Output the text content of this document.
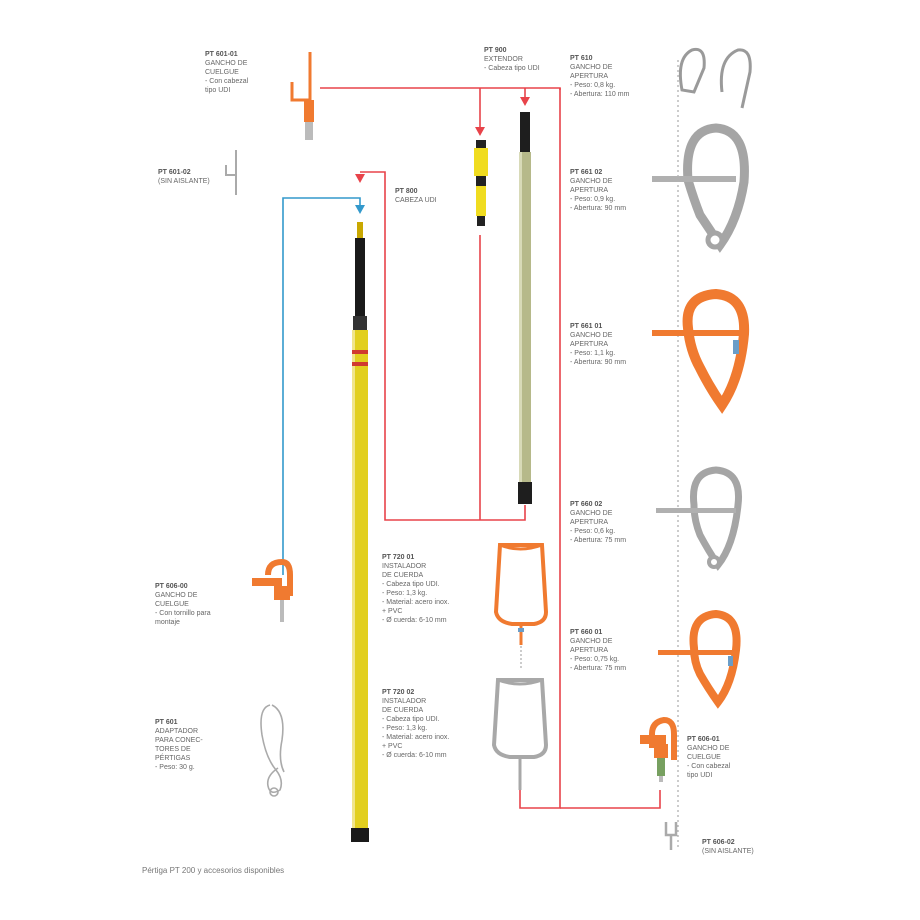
PT 601-01
GANCHO DE
CUELGUE
- Con cabezal
tipo UDI
PT 601-02
(SIN AISLANTE)
PT 900
EXTENDOR
- Cabeza tipo UDI
PT 610
GANCHO DE
APERTURA
- Peso: 0,8 kg.
- Abertura: 110 mm
PT 661 02
GANCHO DE
APERTURA
- Peso: 0,9 kg.
- Abertura: 90 mm
PT 800
CABEZA UDI
PT 661 01
GANCHO DE
APERTURA
- Peso: 1,1 kg.
- Abertura: 90 mm
PT 660 02
GANCHO DE
APERTURA
- Peso: 0,6 kg.
- Abertura: 75 mm
PT 720 01
INSTALADOR
DE CUERDA
- Cabeza tipo UDI.
- Peso: 1,3 kg.
- Material: acero inox.
+ PVC
- Ø cuerda: 6-10 mm
PT 606-00
GANCHO DE
CUELGUE
- Con tornillo para
montaje
PT 660 01
GANCHO DE
APERTURA
- Peso: 0,75 kg.
- Abertura: 75 mm
PT 720 02
INSTALADOR
DE CUERDA
- Cabeza tipo UDI.
- Peso: 1,3 kg.
- Material: acero inox.
+ PVC
- Ø cuerda: 6-10 mm
PT 601
ADAPTADOR
PARA CONEC-
TORES DE
PÉRTIGAS
- Peso: 30 g.
PT 606-01
GANCHO DE
CUELGUE
- Con cabezal
tipo UDI
PT 606-02
(SIN AISLANTE)
Pértiga PT 200 y accesorios disponibles
